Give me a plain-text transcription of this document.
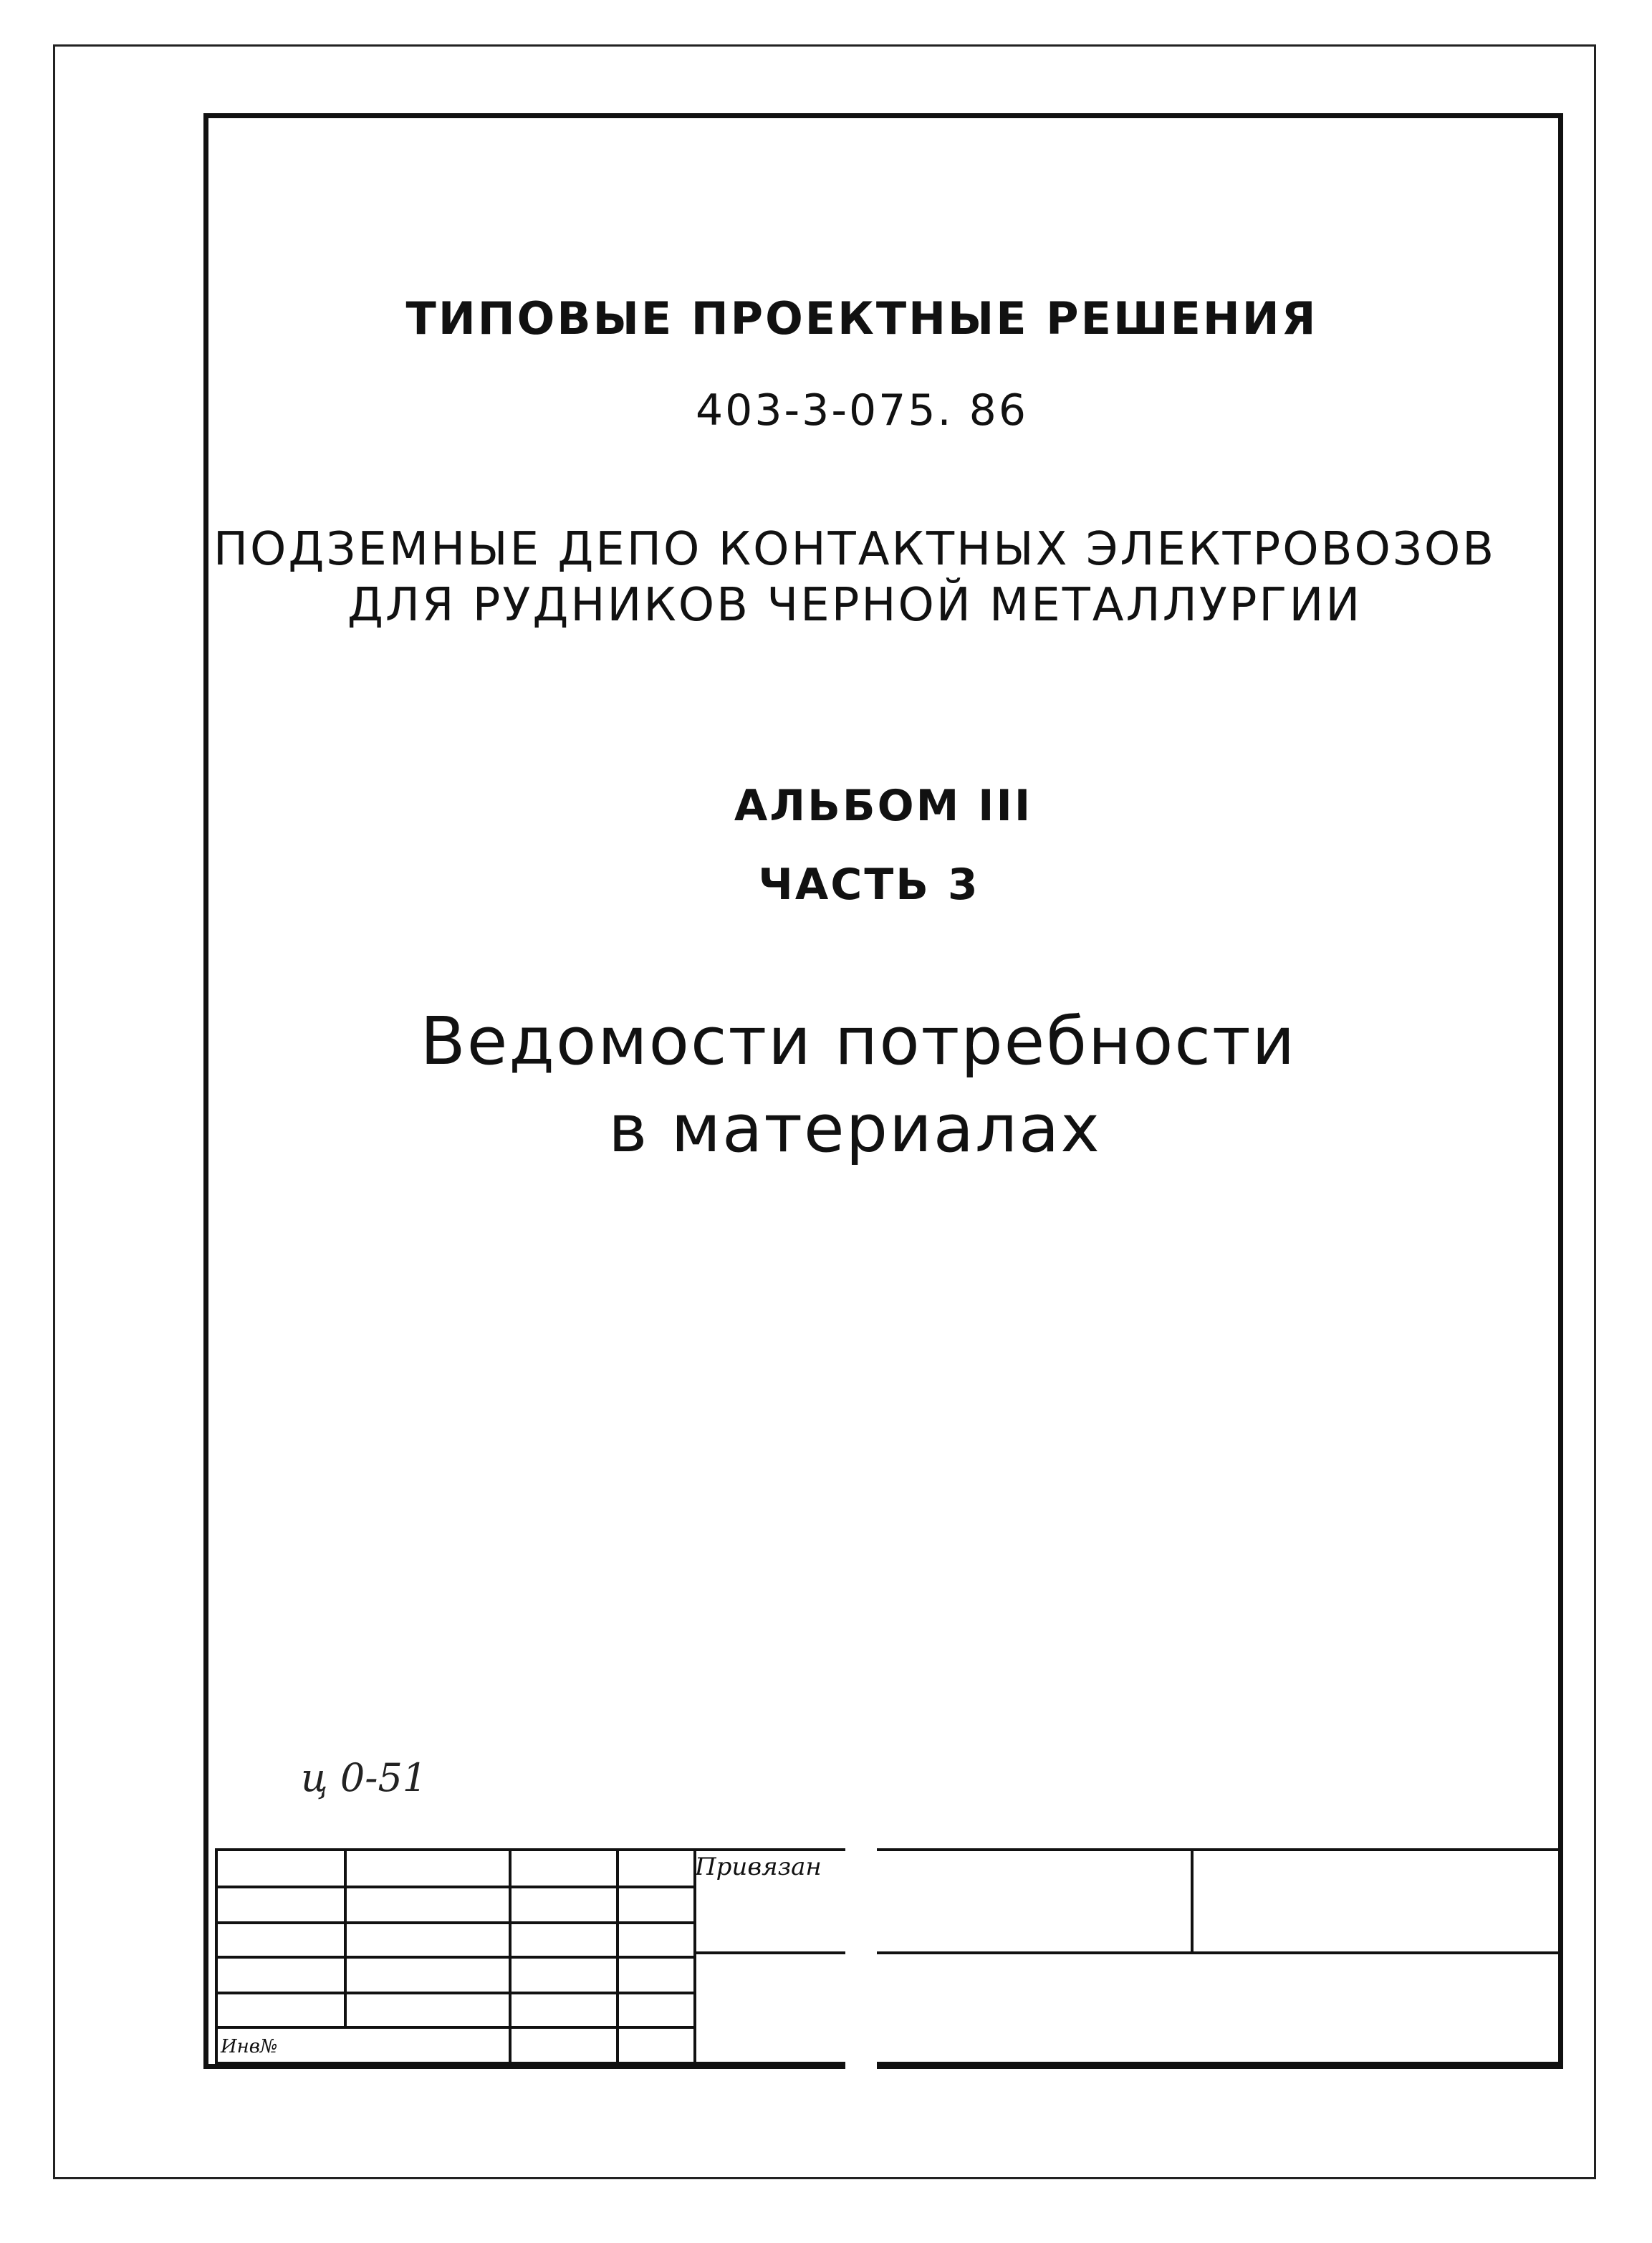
ТИПОВЫЕ ПРОЕКТНЫЕ РЕШЕНИЯ
403-3-075. 86
ПОДЗЕМНЫЕ ДЕПО КОНТАКТНЫХ ЭЛЕКТРОВОЗОВ
ДЛЯ РУДНИКОВ ЧЕРНОЙ МЕТАЛЛУРГИИ
АЛЬБОМ III
ЧАСТЬ 3
Ведомости потребности
в материалах
ц 0-51
Привязан
Инв№
